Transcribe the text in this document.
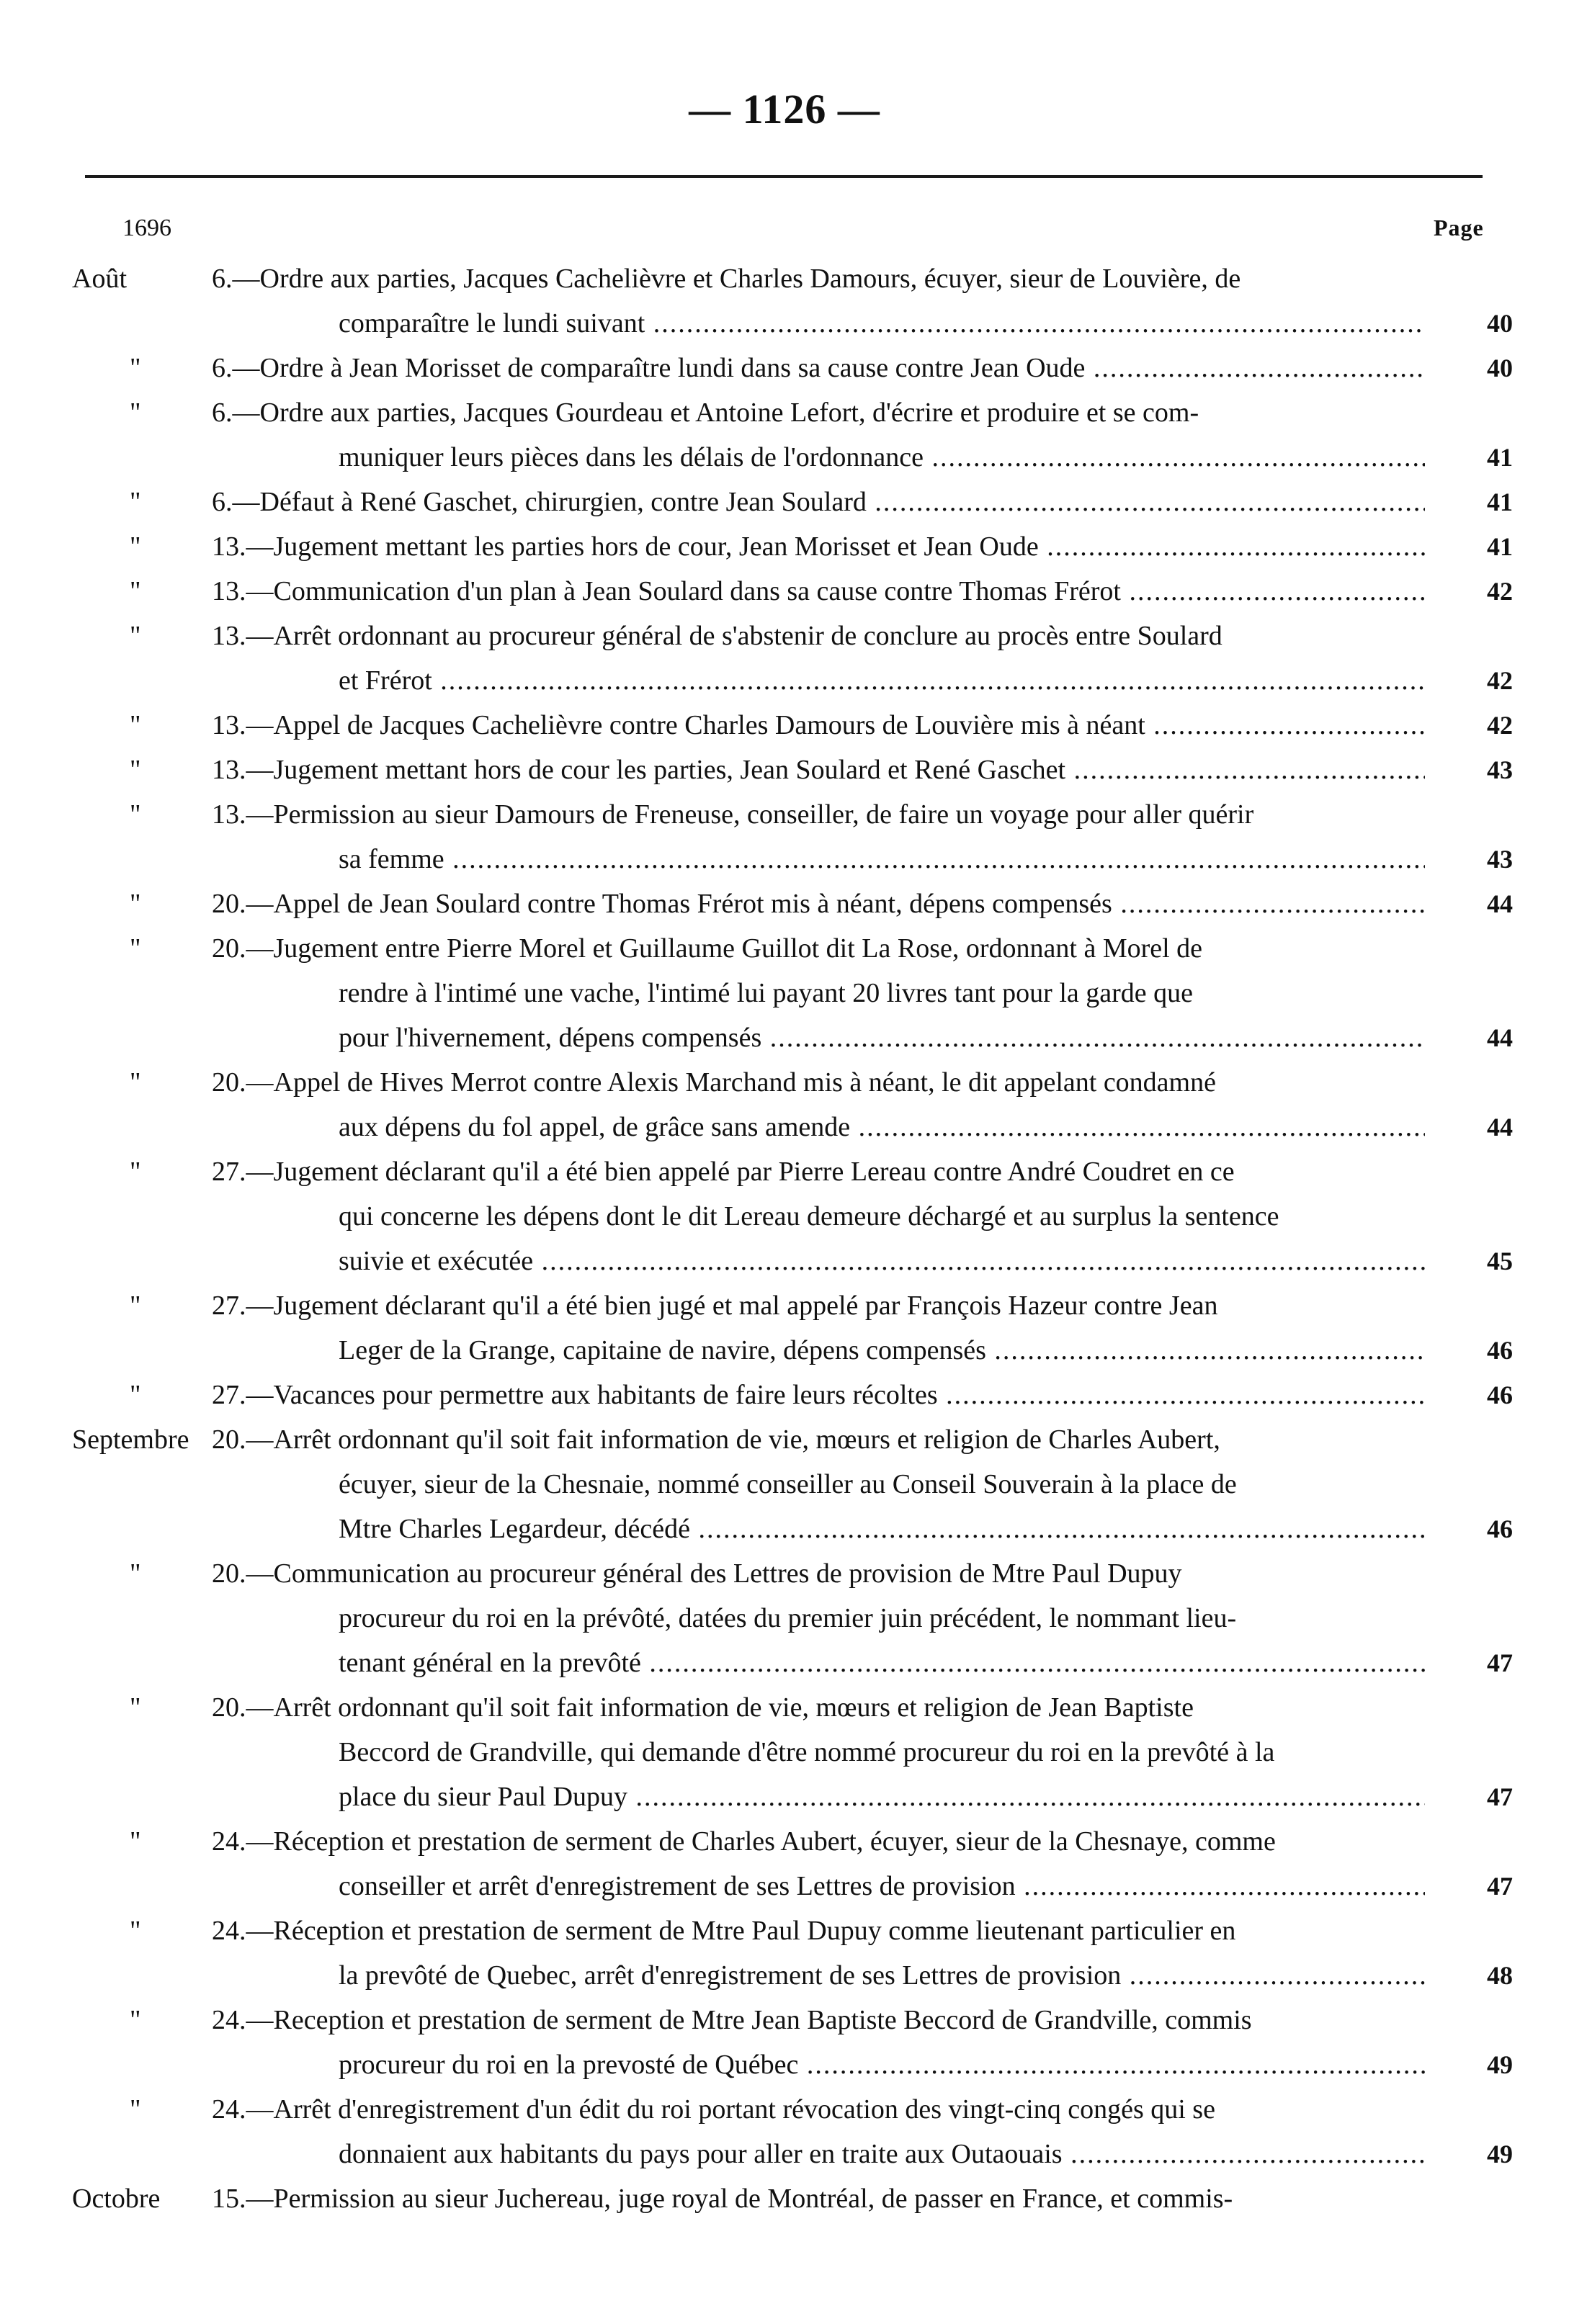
— 1126 —
1696	Page
Août	6.—Ordre aux parties, Jacques Cachelièvre et Charles Damours, écuyer, sieur de Louvière, de
comparaître le lundi suivant .....	40
"	6.—Ordre à Jean Morisset de comparaître lundi dans sa cause contre Jean Oude .....	40
"	6.—Ordre aux parties, Jacques Gourdeau et Antoine Lefort, d'écrire et produire et se com-
muniquer leurs pièces dans les délais de l'ordonnance .....	41
"	6.—Défaut à René Gaschet, chirurgien, contre Jean Soulard .....	41
"	13.—Jugement mettant les parties hors de cour, Jean Morisset et Jean Oude .....	41
"	13.—Communication d'un plan à Jean Soulard dans sa cause contre Thomas Frérot .....	42
"	13.—Arrêt ordonnant au procureur général de s'abstenir de conclure au procès entre Soulard
et Frérot .....	42
"	13.—Appel de Jacques Cachelièvre contre Charles Damours de Louvière mis à néant .....	42
"	13.—Jugement mettant hors de cour les parties, Jean Soulard et René Gaschet .....	43
"	13.—Permission au sieur Damours de Freneuse, conseiller, de faire un voyage pour aller quérir
sa femme .....	43
"	20.—Appel de Jean Soulard contre Thomas Frérot mis à néant, dépens compensés .....	44
"	20.—Jugement entre Pierre Morel et Guillaume Guillot dit La Rose, ordonnant à Morel de
rendre à l'intimé une vache, l'intimé lui payant 20 livres tant pour la garde que
pour l'hivernement, dépens compensés .....	44
"	20.—Appel de Hives Merrot contre Alexis Marchand mis à néant, le dit appelant condamné
aux dépens du fol appel, de grâce sans amende .....	44
"	27.—Jugement déclarant qu'il a été bien appelé par Pierre Lereau contre André Coudret en ce
qui concerne les dépens dont le dit Lereau demeure déchargé et au surplus la sentence
suivie et exécutée .....	45
"	27.—Jugement déclarant qu'il a été bien jugé et mal appelé par François Hazeur contre Jean
Leger de la Grange, capitaine de navire, dépens compensés .....	46
"	27.—Vacances pour permettre aux habitants de faire leurs récoltes .....	46
Septembre 20.—Arrêt ordonnant qu'il soit fait information de vie, mœurs et religion de Charles Aubert,
écuyer, sieur de la Chesnaie, nommé conseiller au Conseil Souverain à la place de
Mtre Charles Legardeur, décédé .....	46
"	20.—Communication au procureur général des Lettres de provision de Mtre Paul Dupuy
procureur du roi en la prévôté, datées du premier juin précédent, le nommant lieu-
tenant général en la prevôté .....	47
"	20.—Arrêt ordonnant qu'il soit fait information de vie, mœurs et religion de Jean Baptiste
Beccord de Grandville, qui demande d'être nommé procureur du roi en la prevôté à la
place du sieur Paul Dupuy .....	47
"	24.—Réception et prestation de serment de Charles Aubert, écuyer, sieur de la Chesnaye, comme
conseiller et arrêt d'enregistrement de ses Lettres de provision .....	47
"	24.—Réception et prestation de serment de Mtre Paul Dupuy comme lieutenant particulier en
la prevôté de Quebec, arrêt d'enregistrement de ses Lettres de provision .....	48
"	24.—Reception et prestation de serment de Mtre Jean Baptiste Beccord de Grandville, commis
procureur du roi en la prevosté de Québec .....	49
"	24.—Arrêt d'enregistrement d'un édit du roi portant révocation des vingt-cinq congés qui se
donnaient aux habitants du pays pour aller en traite aux Outaouais .....	49
Octobre 15.—Permission au sieur Juchereau, juge royal de Montréal, de passer en France, et commis-
